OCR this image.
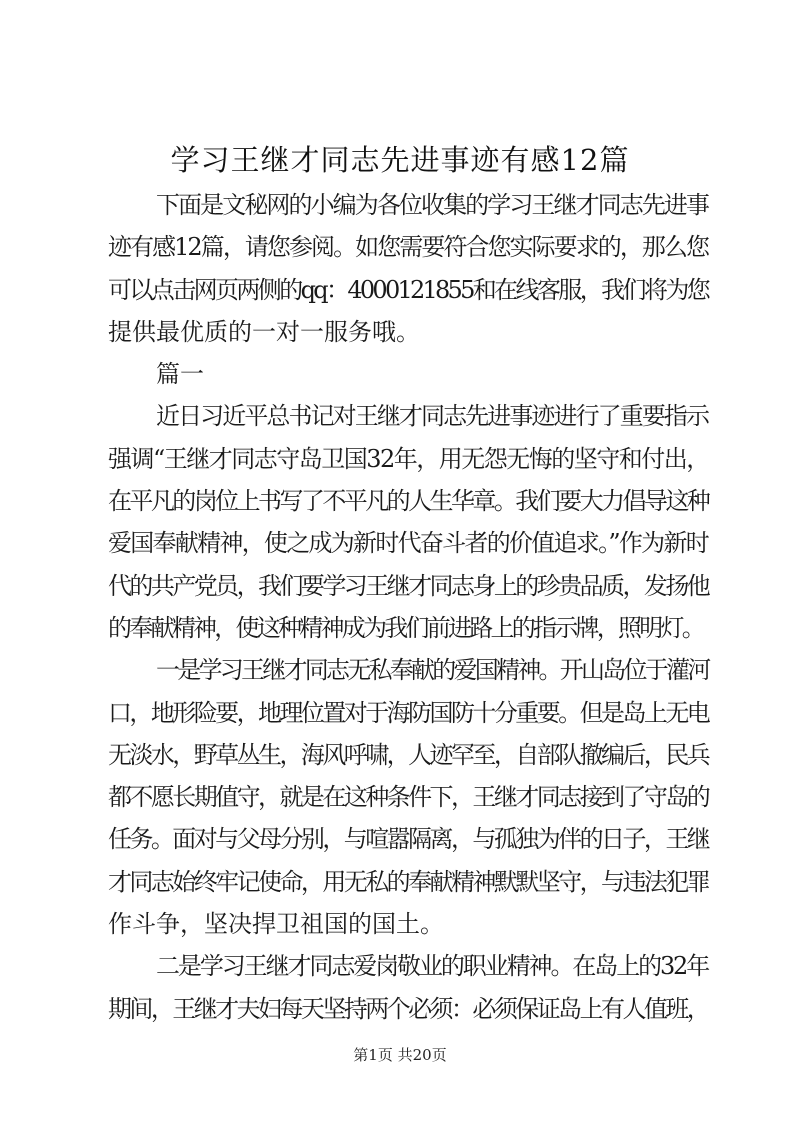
学习王继才同志先进事迹有感12篇
下面是文秘网的小编为各位收集的学习王继才同志先进事
迹有感12篇，请您参阅。如您需要符合您实际要求的，那么您
可以点击网页两侧的qq：4000121855和在线客服，我们将为您
提供最优质的一对一服务哦。
篇一
近日习近平总书记对王继才同志先进事迹进行了重要指示
强调“王继才同志守岛卫国32年，用无怨无悔的坚守和付出，
在平凡的岗位上书写了不平凡的人生华章。我们要大力倡导这种
爱国奉献精神，使之成为新时代奋斗者的价值追求。”作为新时
代的共产党员，我们要学习王继才同志身上的珍贵品质，发扬他
的奉献精神，使这种精神成为我们前进路上的指示牌，照明灯。
一是学习王继才同志无私奉献的爱国精神。开山岛位于灌河
口，地形险要，地理位置对于海防国防十分重要。但是岛上无电
无淡水，野草丛生，海风呼啸，人迹罕至，自部队撤编后，民兵
都不愿长期值守，就是在这种条件下，王继才同志接到了守岛的
任务。面对与父母分别，与喧嚣隔离，与孤独为伴的日子，王继
才同志始终牢记使命，用无私的奉献精神默默坚守，与违法犯罪
作斗争，坚决捍卫祖国的国土。
二是学习王继才同志爱岗敬业的职业精神。在岛上的32年
期间，王继才夫妇每天坚持两个必须：必须保证岛上有人值班，
第1页 共20页
